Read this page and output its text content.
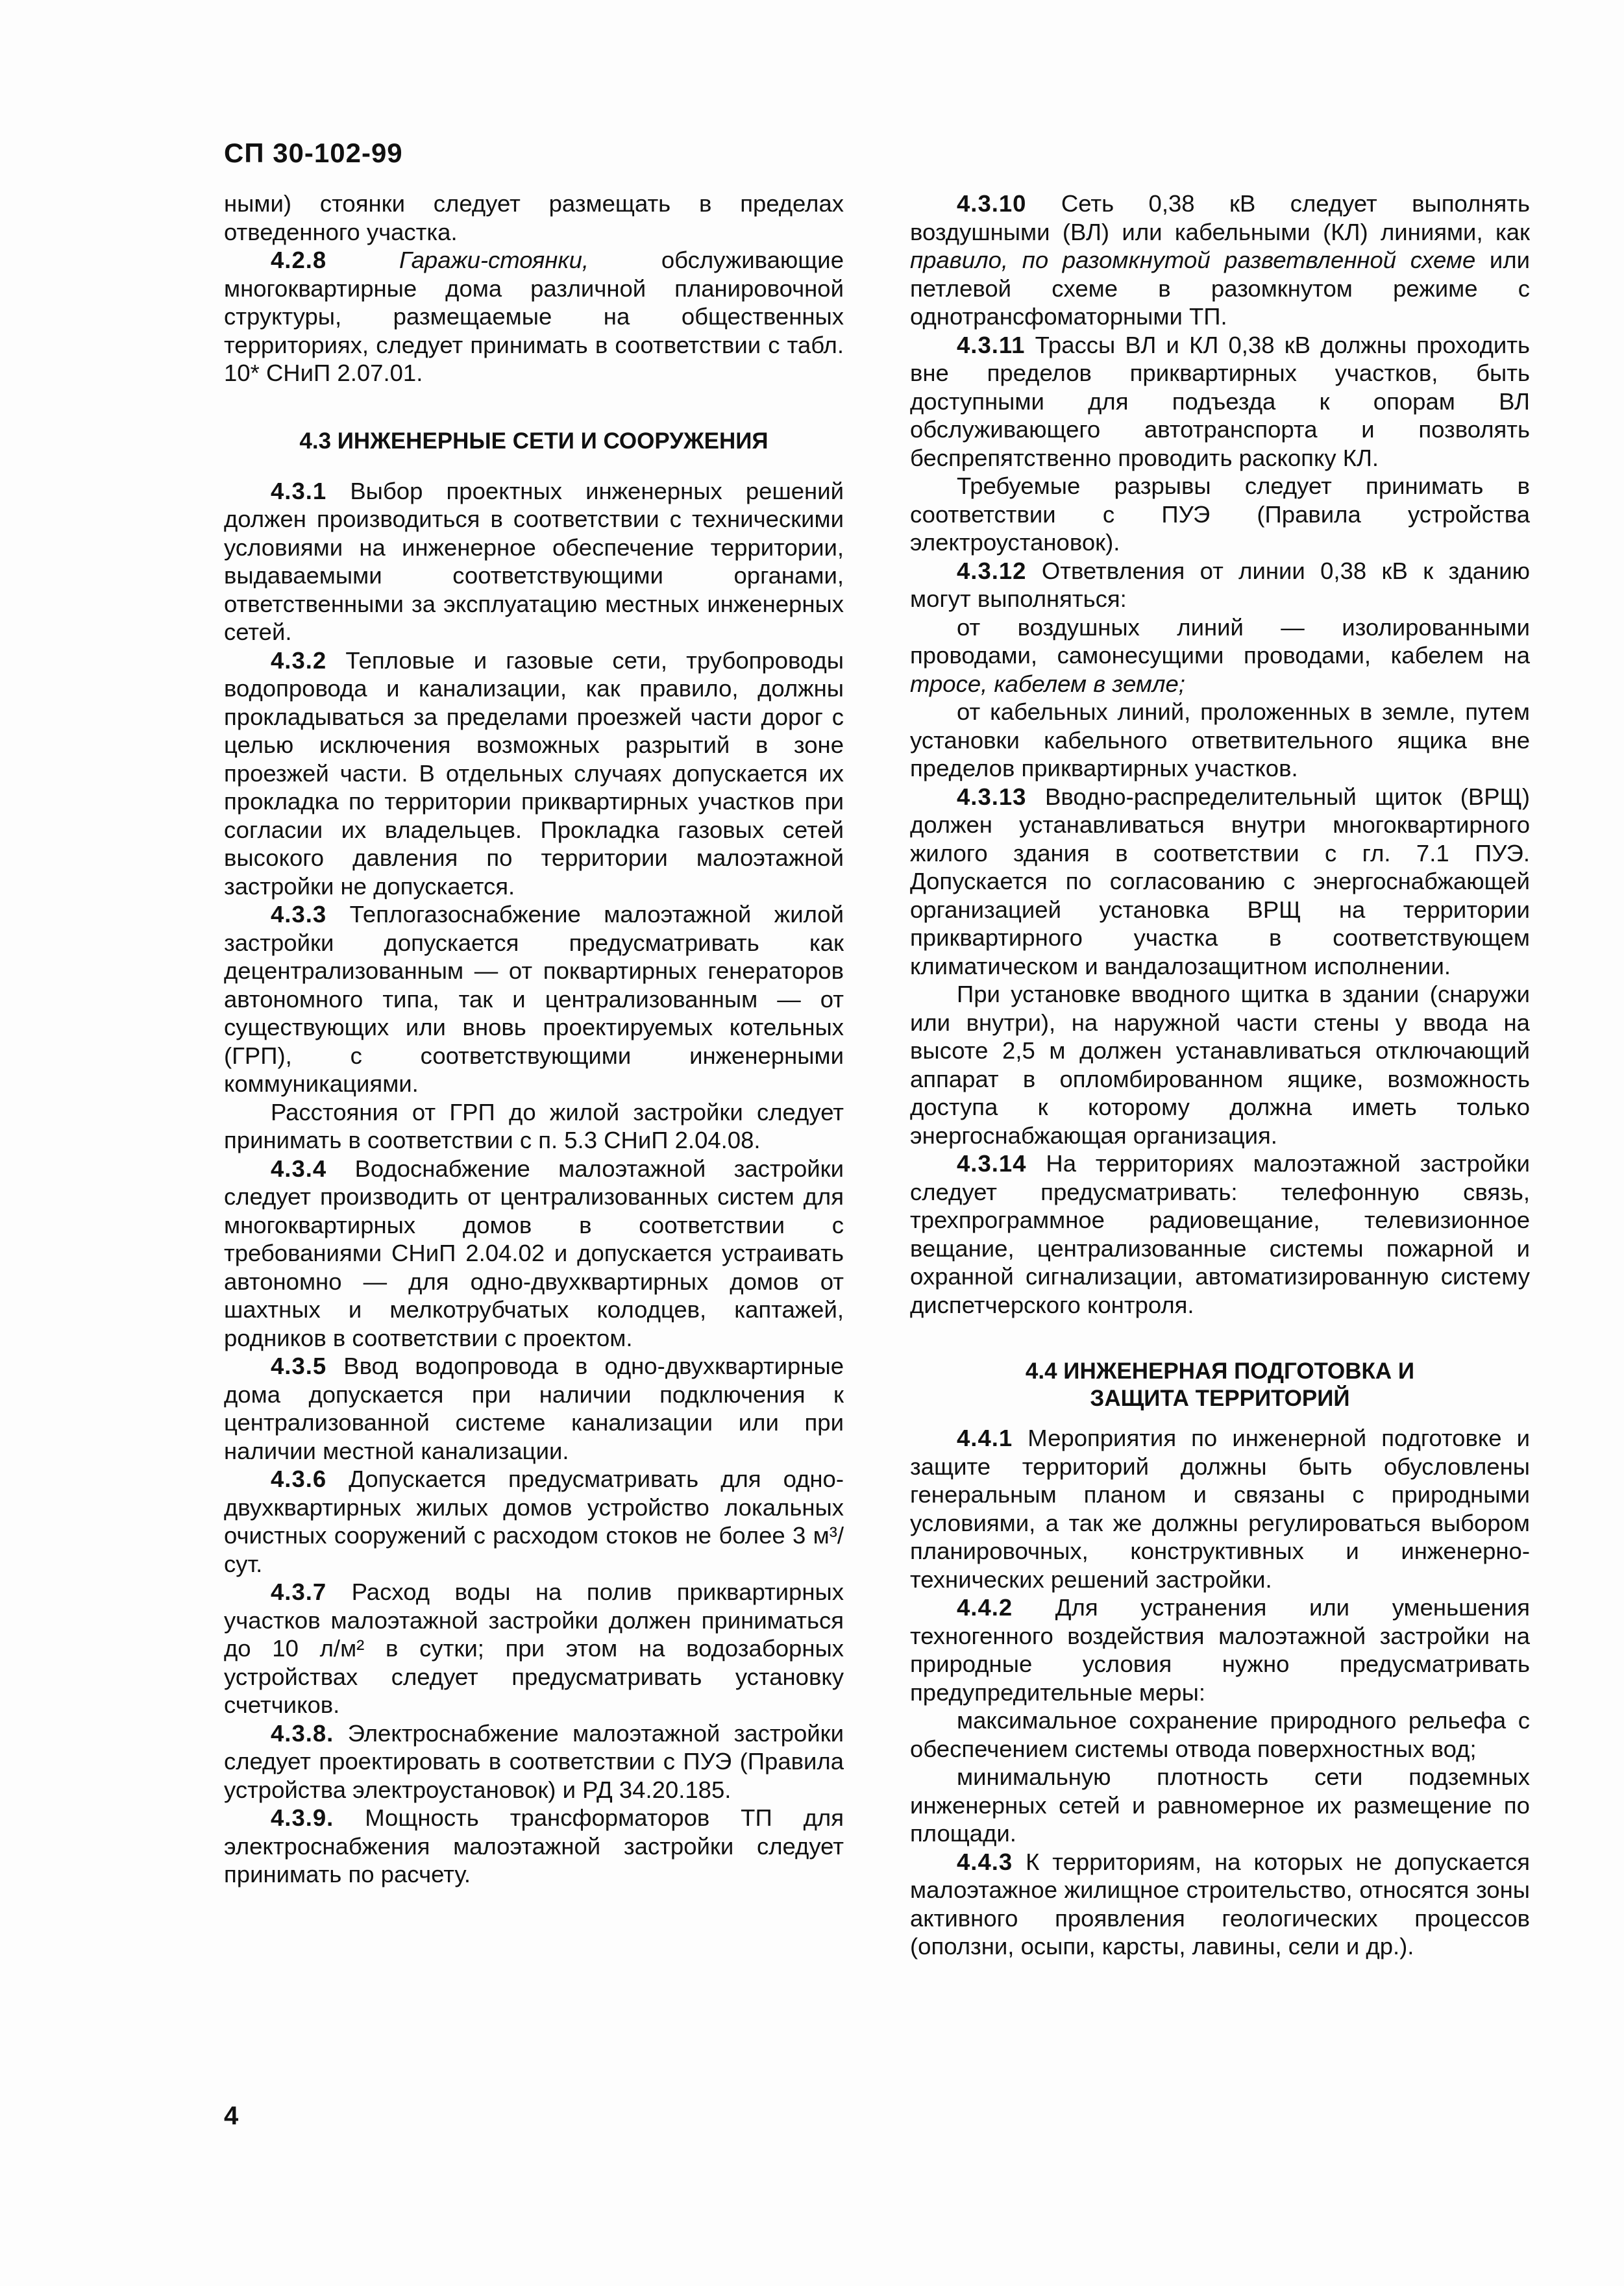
СП 30-102-99

ными) стоянки следует размещать в пределах отведенного участка.

4.2.8	Гаражи-стоянки, обслуживающие многоквартирные дома различной планировочной структуры, размещаемые на общественных территориях, следует принимать в соответствии с табл. 10* СНиП 2.07.01.

4.3 ИНЖЕНЕРНЫЕ СЕТИ И СООРУЖЕНИЯ

4.3.1 Выбор проектных инженерных решений должен производиться в соответствии с техническими условиями на инженерное обеспечение территории, выдаваемыми соответствующими органами, ответственными за эксплуатацию местных инженерных сетей.

4.3.2 Тепловые и газовые сети, трубопроводы водопровода и канализации, как правило, должны прокладываться за пределами проезжей части дорог с целью исключения возможных разрытий в зоне проезжей части. В отдельных случаях допускается их прокладка по территории приквартирных участков при согласии их владельцев. Прокладка газовых сетей высокого давления по территории малоэтажной застройки не допускается.

4.3.3 Теплогазоснабжение малоэтажной жилой застройки допускается предусматривать как децентрализованным — от поквартирных генераторов автономного типа, так и централизованным — от существующих или вновь проектируемых котельных (ГРП), с соответствующими инженерными коммуникациями.

Расстояния от ГРП до жилой застройки следует принимать в соответствии с п. 5.3 СНиП 2.04.08.

4.3.4 Водоснабжение малоэтажной застройки следует производить от централизованных систем для многоквартирных домов в соответствии с требованиями СНиП 2.04.02 и допускается устраивать автономно — для одно-двухквартирных домов от шахтных и мелкотрубчатых колодцев, каптажей, родников в соответствии с проектом.

4.3.5 Ввод водопровода в одно-двухквартирные дома допускается при наличии подключения к централизованной системе канализации или при наличии местной канализации.

4.3.6 Допускается предусматривать для одно-двухквартирных жилых домов устройство локальных очистных сооружений с расходом стоков не более 3 м³/сут.

4.3.7 Расход воды на полив приквартирных участков малоэтажной застройки должен приниматься до 10 л/м² в сутки; при этом на водозаборных устройствах следует предусматривать установку счетчиков.

4.3.8. Электроснабжение малоэтажной застройки следует проектировать в соответствии с ПУЭ (Правила устройства электроустановок) и РД 34.20.185.

4.3.9. Мощность трансформаторов ТП для электроснабжения малоэтажной застройки следует принимать по расчету.

4.3.10 Сеть 0,38 кВ следует выполнять воздушными (ВЛ) или кабельными (КЛ) линиями, как правило, по разомкнутой разветвленной схеме или петлевой схеме в разомкнутом режиме с однотрансфоматорными ТП.

4.3.11 Трассы ВЛ и КЛ 0,38 кВ должны проходить вне пределов приквартирных участков, быть доступными для подъезда к опорам ВЛ обслуживающего автотранспорта и позволять беспрепятственно проводить раскопку КЛ.

Требуемые разрывы следует принимать в соответствии с ПУЭ (Правила устройства электроустановок).

4.3.12 Ответвления от линии 0,38 кВ к зданию могут выполняться:

от воздушных линий — изолированными проводами, самонесущими проводами, кабелем на тросе, кабелем в земле;

от кабельных линий, проложенных в земле, путем установки кабельного ответвительного ящика вне пределов приквартирных участков.

4.3.13 Вводно-распределительный щиток (ВРЩ) должен устанавливаться внутри многоквартирного жилого здания в соответствии с гл. 7.1 ПУЭ. Допускается по согласованию с энергоснабжающей организацией установка ВРЩ на территории приквартирного участка в соответствующем климатическом и вандалозащитном исполнении.

При установке вводного щитка в здании (снаружи или внутри), на наружной части стены у ввода на высоте 2,5 м должен устанавливаться отключающий аппарат в опломбированном ящике, возможность доступа к которому должна иметь только энергоснабжающая организация.

4.3.14 На территориях малоэтажной застройки следует предусматривать: телефонную связь, трехпрограммное радиовещание, телевизионное вещание, централизованные системы пожарной и охранной сигнализации, автоматизированную систему диспетчерского контроля.

4.4 ИНЖЕНЕРНАЯ ПОДГОТОВКА И
ЗАЩИТА ТЕРРИТОРИЙ

4.4.1 Мероприятия по инженерной подготовке и защите территорий должны быть обусловлены генеральным планом и связаны с природными условиями, а так же должны регулироваться выбором планировочных, конструктивных и инженерно-технических решений застройки.

4.4.2 Для устранения или уменьшения техногенного воздействия малоэтажной застройки на природные условия нужно предусматривать предупредительные меры:

максимальное сохранение природного рельефа с обеспечением системы отвода поверхностных вод;

минимальную плотность сети подземных инженерных сетей и равномерное их размещение по площади.

4.4.3 К территориям, на которых не допускается малоэтажное жилищное строительство, относятся зоны активного проявления геологических процессов (оползни, осыпи, карсты, лавины, сели и др.).

4
